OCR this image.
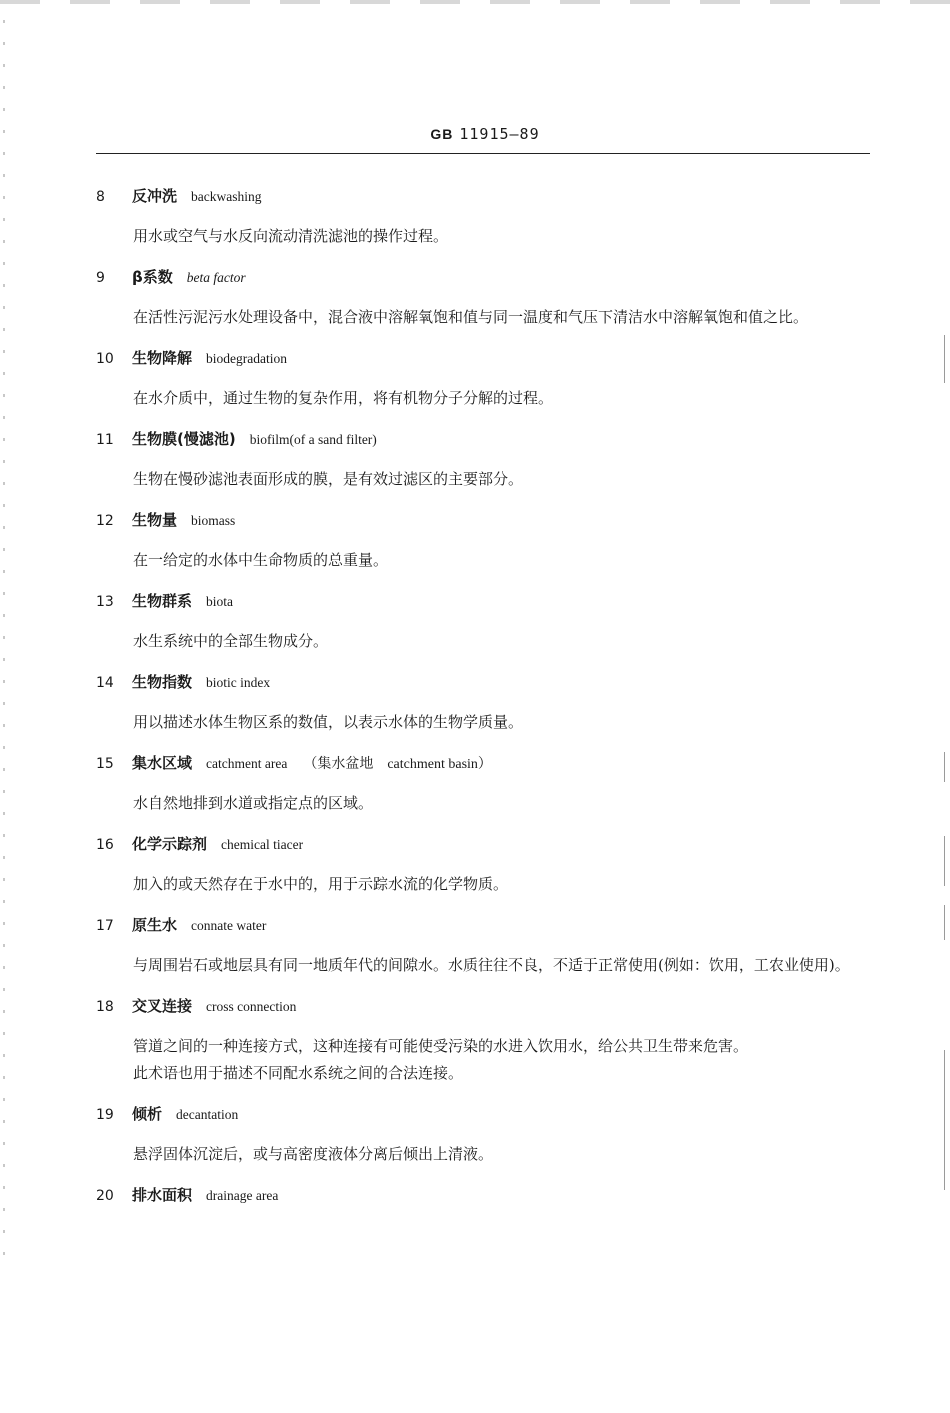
GB 11915—89
8 反冲洗 backwashing
用水或空气与水反向流动清洗滤池的操作过程。
9 β系数 beta factor
在活性污泥污水处理设备中，混合液中溶解氧饱和值与同一温度和气压下清洁水中溶解氧饱和值之比。
10 生物降解 biodegradation
在水介质中，通过生物的复杂作用，将有机物分子分解的过程。
11 生物膜(慢滤池) biofilm(of a sand filter)
生物在慢砂滤池表面形成的膜，是有效过滤区的主要部分。
12 生物量 biomass
在一给定的水体中生命物质的总重量。
13 生物群系 biota
水生系统中的全部生物成分。
14 生物指数 biotic index
用以描述水体生物区系的数值，以表示水体的生物学质量。
15 集水区域 catchment area （集水盆地　catchment basin）
水自然地排到水道或指定点的区域。
16 化学示踪剂 chemical tiacer
加入的或天然存在于水中的，用于示踪水流的化学物质。
17 原生水 connate water
与周围岩石或地层具有同一地质年代的间隙水。水质往往不良，不适于正常使用(例如：饮用，工农业使用)。
18 交叉连接 cross connection
管道之间的一种连接方式，这种连接有可能使受污染的水进入饮用水，给公共卫生带来危害。
此术语也用于描述不同配水系统之间的合法连接。
19 倾析 decantation
悬浮固体沉淀后，或与高密度液体分离后倾出上清液。
20 排水面积 drainage area
